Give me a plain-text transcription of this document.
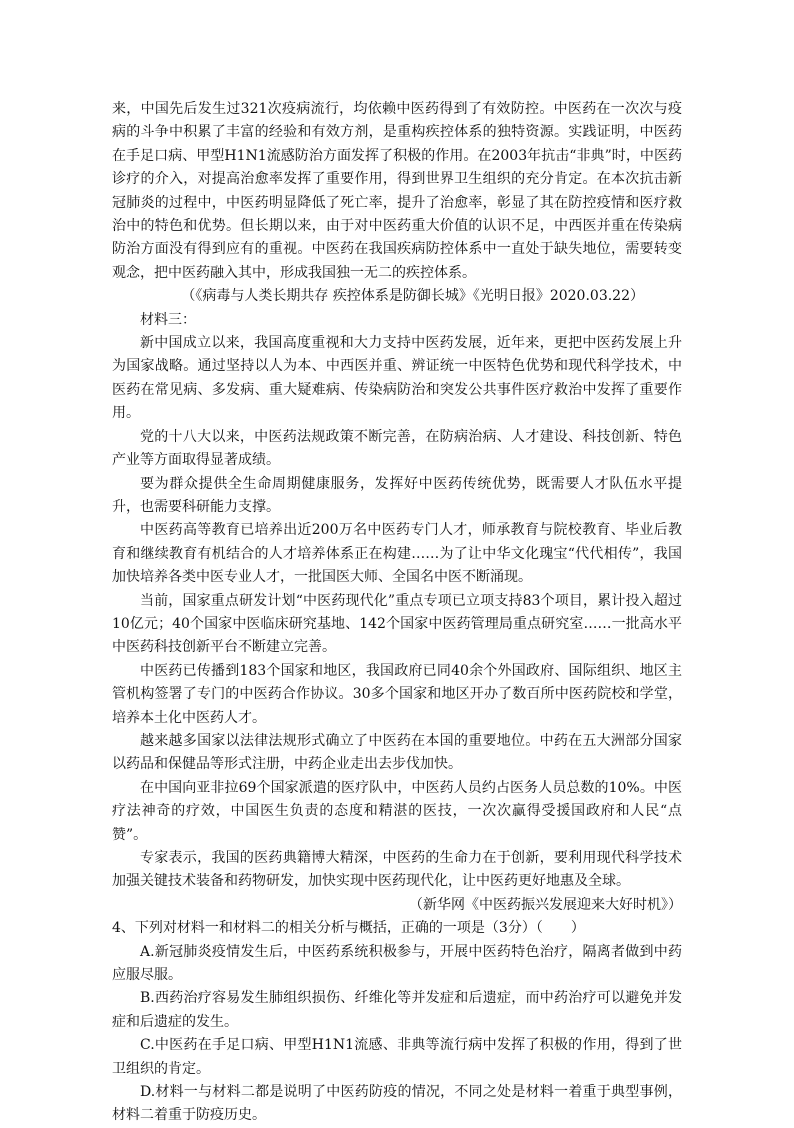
来，中国先后发生过321次疫病流行，均依赖中医药得到了有效防控。中医药在一次次与疫病的斗争中积累了丰富的经验和有效方剂，是重构疾控体系的独特资源。实践证明，中医药在手足口病、甲型H1N1流感防治方面发挥了积极的作用。在2003年抗击“非典”时，中医药诊疗的介入，对提高治愈率发挥了重要作用，得到世界卫生组织的充分肯定。在本次抗击新冠肺炎的过程中，中医药明显降低了死亡率，提升了治愈率，彰显了其在防控疫情和医疗救治中的特色和优势。但长期以来，由于对中医药重大价值的认识不足，中西医并重在传染病防治方面没有得到应有的重视。中医药在我国疾病防控体系中一直处于缺失地位，需要转变观念，把中医药融入其中，形成我国独一无二的疾控体系。

（《病毒与人类长期共存 疾控体系是防御长城》《光明日报》2020.03.22）

材料三：

新中国成立以来，我国高度重视和大力支持中医药发展，近年来，更把中医药发展上升为国家战略。通过坚持以人为本、中西医并重、辨证统一中医特色优势和现代科学技术，中医药在常见病、多发病、重大疑难病、传染病防治和突发公共事件医疗救治中发挥了重要作用。

党的十八大以来，中医药法规政策不断完善，在防病治病、人才建设、科技创新、特色产业等方面取得显著成绩。

要为群众提供全生命周期健康服务，发挥好中医药传统优势，既需要人才队伍水平提升，也需要科研能力支撑。

中医药高等教育已培养出近200万名中医药专门人才，师承教育与院校教育、毕业后教育和继续教育有机结合的人才培养体系正在构建……为了让中华文化瑰宝“代代相传”，我国加快培养各类中医专业人才，一批国医大师、全国名中医不断涌现。

当前，国家重点研发计划“中医药现代化”重点专项已立项支持83个项目，累计投入超过10亿元；40个国家中医临床研究基地、142个国家中医药管理局重点研究室……一批高水平中医药科技创新平台不断建立完善。

中医药已传播到183个国家和地区，我国政府已同40余个外国政府、国际组织、地区主管机构签署了专门的中医药合作协议。30多个国家和地区开办了数百所中医药院校和学堂，培养本土化中医药人才。

越来越多国家以法律法规形式确立了中医药在本国的重要地位。中药在五大洲部分国家以药品和保健品等形式注册，中药企业走出去步伐加快。

在中国向亚非拉69个国家派遣的医疗队中，中医药人员约占医务人员总数的10%。中医疗法神奇的疗效，中国医生负责的态度和精湛的医技，一次次赢得受援国政府和人民“点赞”。

专家表示，我国的医药典籍博大精深，中医药的生命力在于创新，要利用现代科学技术加强关键技术装备和药物研发，加快实现中医药现代化，让中医药更好地惠及全球。

（新华网《中医药振兴发展迎来大好时机》）

4、下列对材料一和材料二的相关分析与概括，正确的一项是（3分）（　　）

A.新冠肺炎疫情发生后，中医药系统积极参与，开展中医药特色治疗，隔离者做到中药应服尽服。

B.西药治疗容易发生肺组织损伤、纤维化等并发症和后遗症，而中药治疗可以避免并发症和后遗症的发生。

C.中医药在手足口病、甲型H1N1流感、非典等流行病中发挥了积极的作用，得到了世卫组织的肯定。

D.材料一与材料二都是说明了中医药防疫的情况，不同之处是材料一着重于典型事例，材料二着重于防疫历史。
